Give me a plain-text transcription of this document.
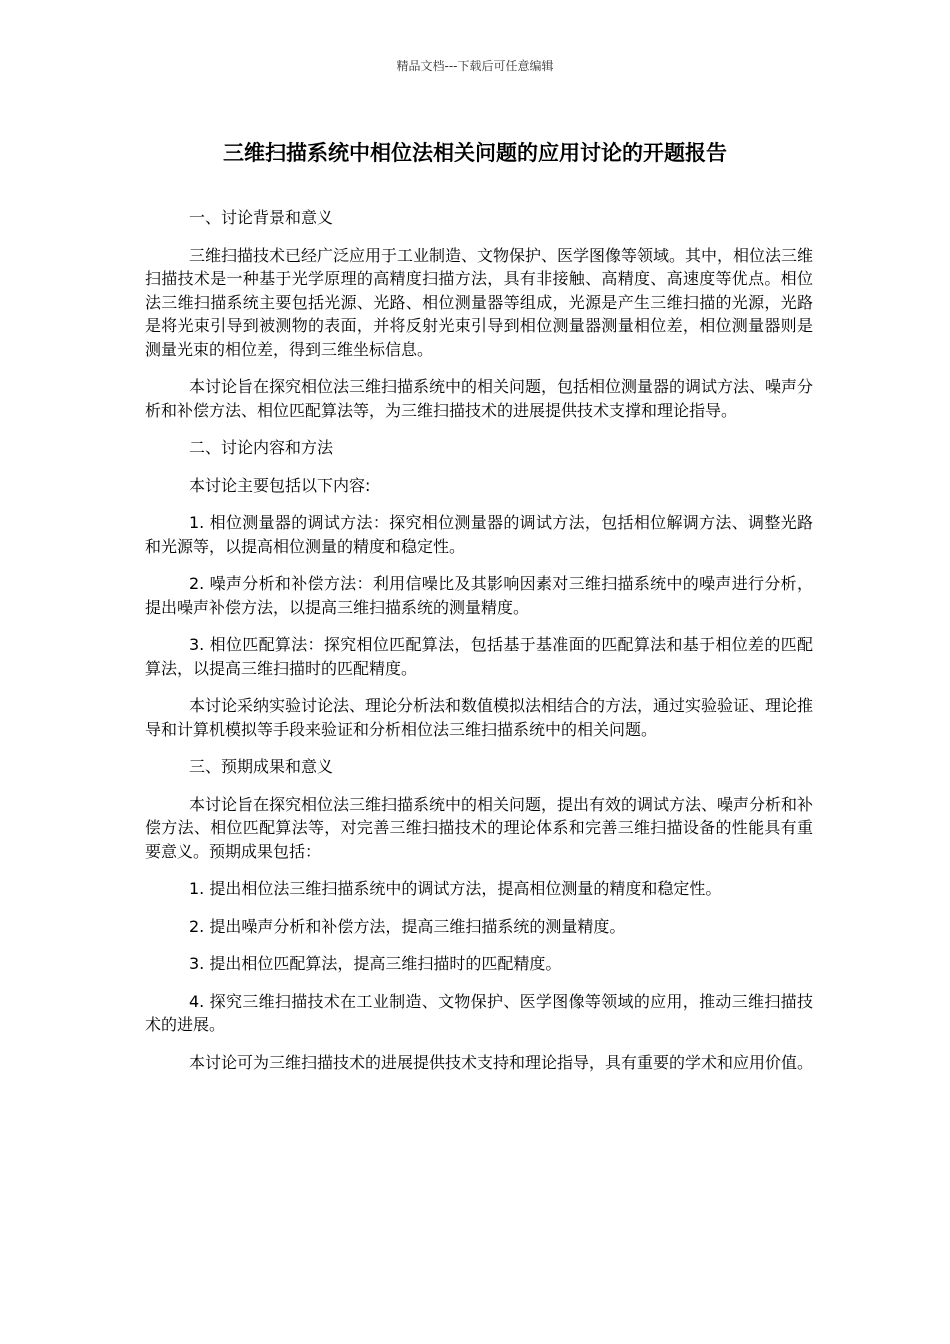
精品文档---下载后可任意编辑
三维扫描系统中相位法相关问题的应用讨论的开题报告

一、讨论背景和意义

三维扫描技术已经广泛应用于工业制造、文物保护、医学图像等领域。其中，相位法三维扫描技术是一种基于光学原理的高精度扫描方法，具有非接触、高精度、高速度等优点。相位法三维扫描系统主要包括光源、光路、相位测量器等组成，光源是产生三维扫描的光源，光路是将光束引导到被测物的表面，并将反射光束引导到相位测量器测量相位差，相位测量器则是测量光束的相位差，得到三维坐标信息。

本讨论旨在探究相位法三维扫描系统中的相关问题，包括相位测量器的调试方法、噪声分析和补偿方法、相位匹配算法等，为三维扫描技术的进展提供技术支撑和理论指导。

二、讨论内容和方法

本讨论主要包括以下内容:

1. 相位测量器的调试方法：探究相位测量器的调试方法，包括相位解调方法、调整光路和光源等，以提高相位测量的精度和稳定性。

2. 噪声分析和补偿方法：利用信噪比及其影响因素对三维扫描系统中的噪声进行分析，提出噪声补偿方法，以提高三维扫描系统的测量精度。

3. 相位匹配算法：探究相位匹配算法，包括基于基准面的匹配算法和基于相位差的匹配算法，以提高三维扫描时的匹配精度。

本讨论采纳实验讨论法、理论分析法和数值模拟法相结合的方法，通过实验验证、理论推导和计算机模拟等手段来验证和分析相位法三维扫描系统中的相关问题。

三、预期成果和意义

本讨论旨在探究相位法三维扫描系统中的相关问题，提出有效的调试方法、噪声分析和补偿方法、相位匹配算法等，对完善三维扫描技术的理论体系和完善三维扫描设备的性能具有重要意义。预期成果包括：

1. 提出相位法三维扫描系统中的调试方法，提高相位测量的精度和稳定性。

2. 提出噪声分析和补偿方法，提高三维扫描系统的测量精度。

3. 提出相位匹配算法，提高三维扫描时的匹配精度。

4. 探究三维扫描技术在工业制造、文物保护、医学图像等领域的应用，推动三维扫描技术的进展。

本讨论可为三维扫描技术的进展提供技术支持和理论指导，具有重要的学术和应用价值。
